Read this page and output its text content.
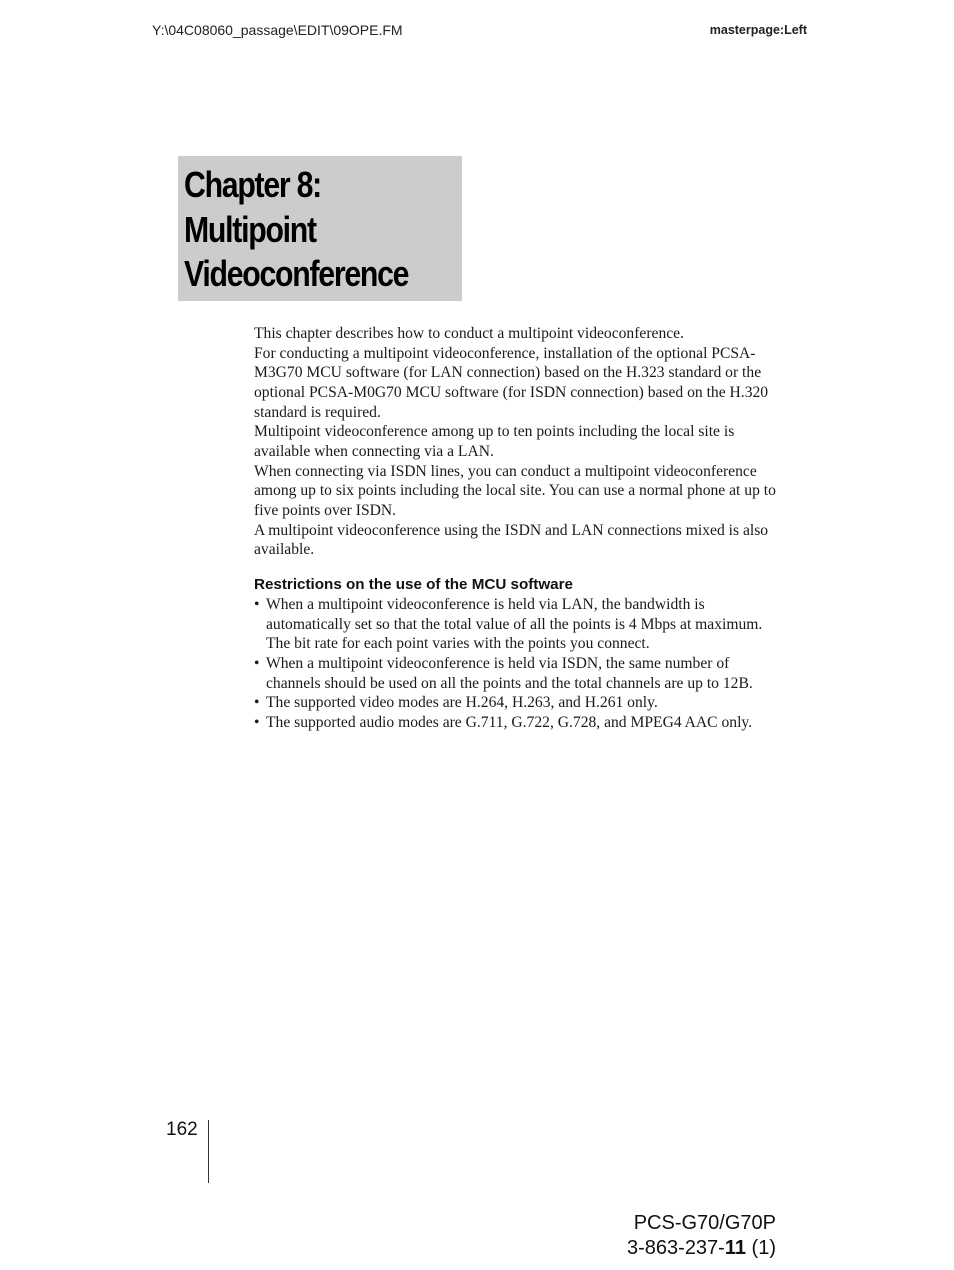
Y:\04C08060_passage\EDIT\09OPE.FM	masterpage:Left
Chapter 8:
Multipoint
Videoconference

This chapter describes how to conduct a multipoint videoconference.

For conducting a multipoint videoconference, installation of the optional PCSA-M3G70 MCU software (for LAN connection) based on the H.323 standard or the optional PCSA-M0G70 MCU software (for ISDN connection) based on the H.320 standard is required.

Multipoint videoconference among up to ten points including the local site is available when connecting via a LAN.

When connecting via ISDN lines, you can conduct a multipoint videoconference among up to six points including the local site. You can use a normal phone at up to five points over ISDN.

A multipoint videoconference using the ISDN and LAN connections mixed is also available.

Restrictions on the use of the MCU software
• When a multipoint videoconference is held via LAN, the bandwidth is automatically set so that the total value of all the points is 4 Mbps at maximum. The bit rate for each point varies with the points you connect.
• When a multipoint videoconference is held via ISDN, the same number of channels should be used on all the points and the total channels are up to 12B.
• The supported video modes are H.264, H.263, and H.261 only.
• The supported audio modes are G.711, G.722, G.728, and MPEG4 AAC only.
162
PCS-G70/G70P
3-863-237-11 (1)
